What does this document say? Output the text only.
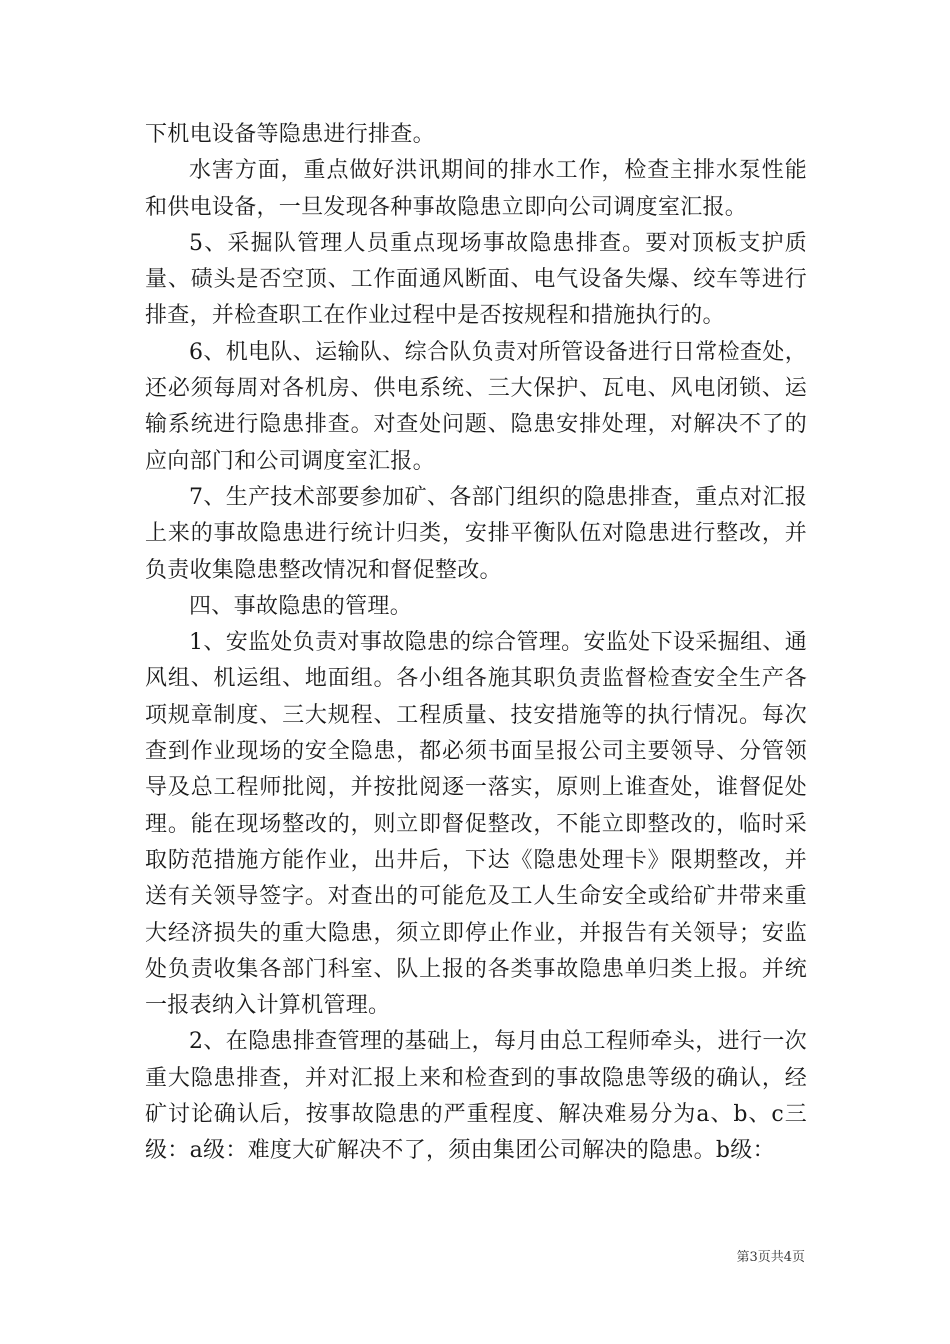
下机电设备等隐患进行排查。

水害方面，重点做好洪讯期间的排水工作，检查主排水泵性能和供电设备，一旦发现各种事故隐患立即向公司调度室汇报。

5、采掘队管理人员重点现场事故隐患排查。要对顶板支护质量、碛头是否空顶、工作面通风断面、电气设备失爆、绞车等进行排查，并检查职工在作业过程中是否按规程和措施执行的。

6、机电队、运输队、综合队负责对所管设备进行日常检查处，还必须每周对各机房、供电系统、三大保护、瓦电、风电闭锁、运输系统进行隐患排查。对查处问题、隐患安排处理，对解决不了的应向部门和公司调度室汇报。

7、生产技术部要参加矿、各部门组织的隐患排查，重点对汇报上来的事故隐患进行统计归类，安排平衡队伍对隐患进行整改，并负责收集隐患整改情况和督促整改。

四、事故隐患的管理。

1、安监处负责对事故隐患的综合管理。安监处下设采掘组、通风组、机运组、地面组。各小组各施其职负责监督检查安全生产各项规章制度、三大规程、工程质量、技安措施等的执行情况。每次查到作业现场的安全隐患，都必须书面呈报公司主要领导、分管领导及总工程师批阅，并按批阅逐一落实，原则上谁查处，谁督促处理。能在现场整改的，则立即督促整改，不能立即整改的，临时采取防范措施方能作业，出井后，下达《隐患处理卡》限期整改，并送有关领导签字。对查出的可能危及工人生命安全或给矿井带来重大经济损失的重大隐患，须立即停止作业，并报告有关领导；安监处负责收集各部门科室、队上报的各类事故隐患单归类上报。并统一报表纳入计算机管理。

2、在隐患排查管理的基础上，每月由总工程师牵头，进行一次重大隐患排查，并对汇报上来和检查到的事故隐患等级的确认，经矿讨论确认后，按事故隐患的严重程度、解决难易分为a、b、c三级：a级：难度大矿解决不了，须由集团公司解决的隐患。b级：

第3页共4页
